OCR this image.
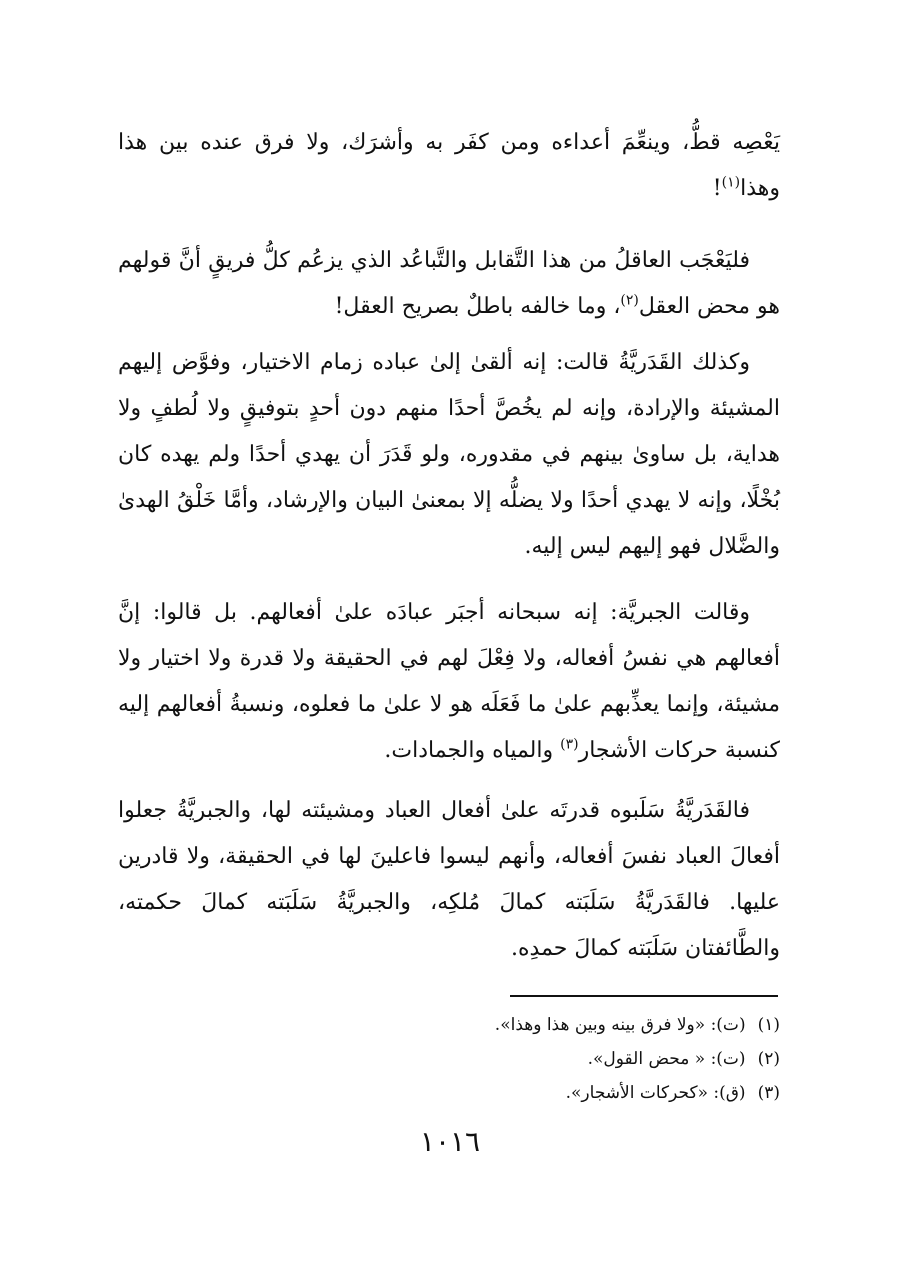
يَعْصِه قطُّ، وينعِّمَ أعداءه ومن كفَر به وأشرَك، ولا فرق عنده بين هذا وهذا$^{(١)}$!

فليَعْجَب العاقلُ من هذا التَّقابل والتَّباعُد الذي يزعُم كلُّ فريقٍ أنَّ قولهم هو محض العقل$^{(٢)}$، وما خالفه باطلٌ بصريح العقل!

وكذلك القَدَريَّةُ قالت: إنه ألقىٰ إلىٰ عباده زمام الاختيار، وفوَّض إليهم المشيئة والإرادة، وإنه لم يخُصَّ أحدًا منهم دون أحدٍ بتوفيقٍ ولا لُطفٍ ولا هداية، بل ساوىٰ بينهم في مقدوره، ولو قَدَرَ أن يهدي أحدًا ولم يهده كان بُخْلًا، وإنه لا يهدي أحدًا ولا يضلُّه إلا بمعنىٰ البيان والإرشاد، وأمَّا خَلْقُ الهدىٰ والضَّلال فهو إليهم ليس إليه.

وقالت الجبريَّة: إنه سبحانه أجبَر عبادَه علىٰ أفعالهم. بل قالوا: إنَّ أفعالهم هي نفسُ أفعاله، ولا فِعْلَ لهم في الحقيقة ولا قدرة ولا اختيار ولا مشيئة، وإنما يعذِّبهم علىٰ ما فَعَلَه هو لا علىٰ ما فعلوه، ونسبةُ أفعالهم إليه كنسبة حركات الأشجار$^{(٣)}$ والمياه والجمادات.

فالقَدَريَّةُ سَلَبوه قدرتَه علىٰ أفعال العباد ومشيئته لها، والجبريَّةُ جعلوا أفعالَ العباد نفسَ أفعاله، وأنهم ليسوا فاعلينَ لها في الحقيقة، ولا قادرين عليها. فالقَدَريَّةُ سَلَبَته كمالَ مُلكِه، والجبريَّةُ سَلَبَته كمالَ حكمته، والطَّائفتان سَلَبَته كمالَ حمدِه.

(١)(ت): «ولا فرق بينه وبين هذا وهذا».

(٢)(ت): « محض القول».

(٣)(ق): «كحركات الأشجار».

١٠١٦
